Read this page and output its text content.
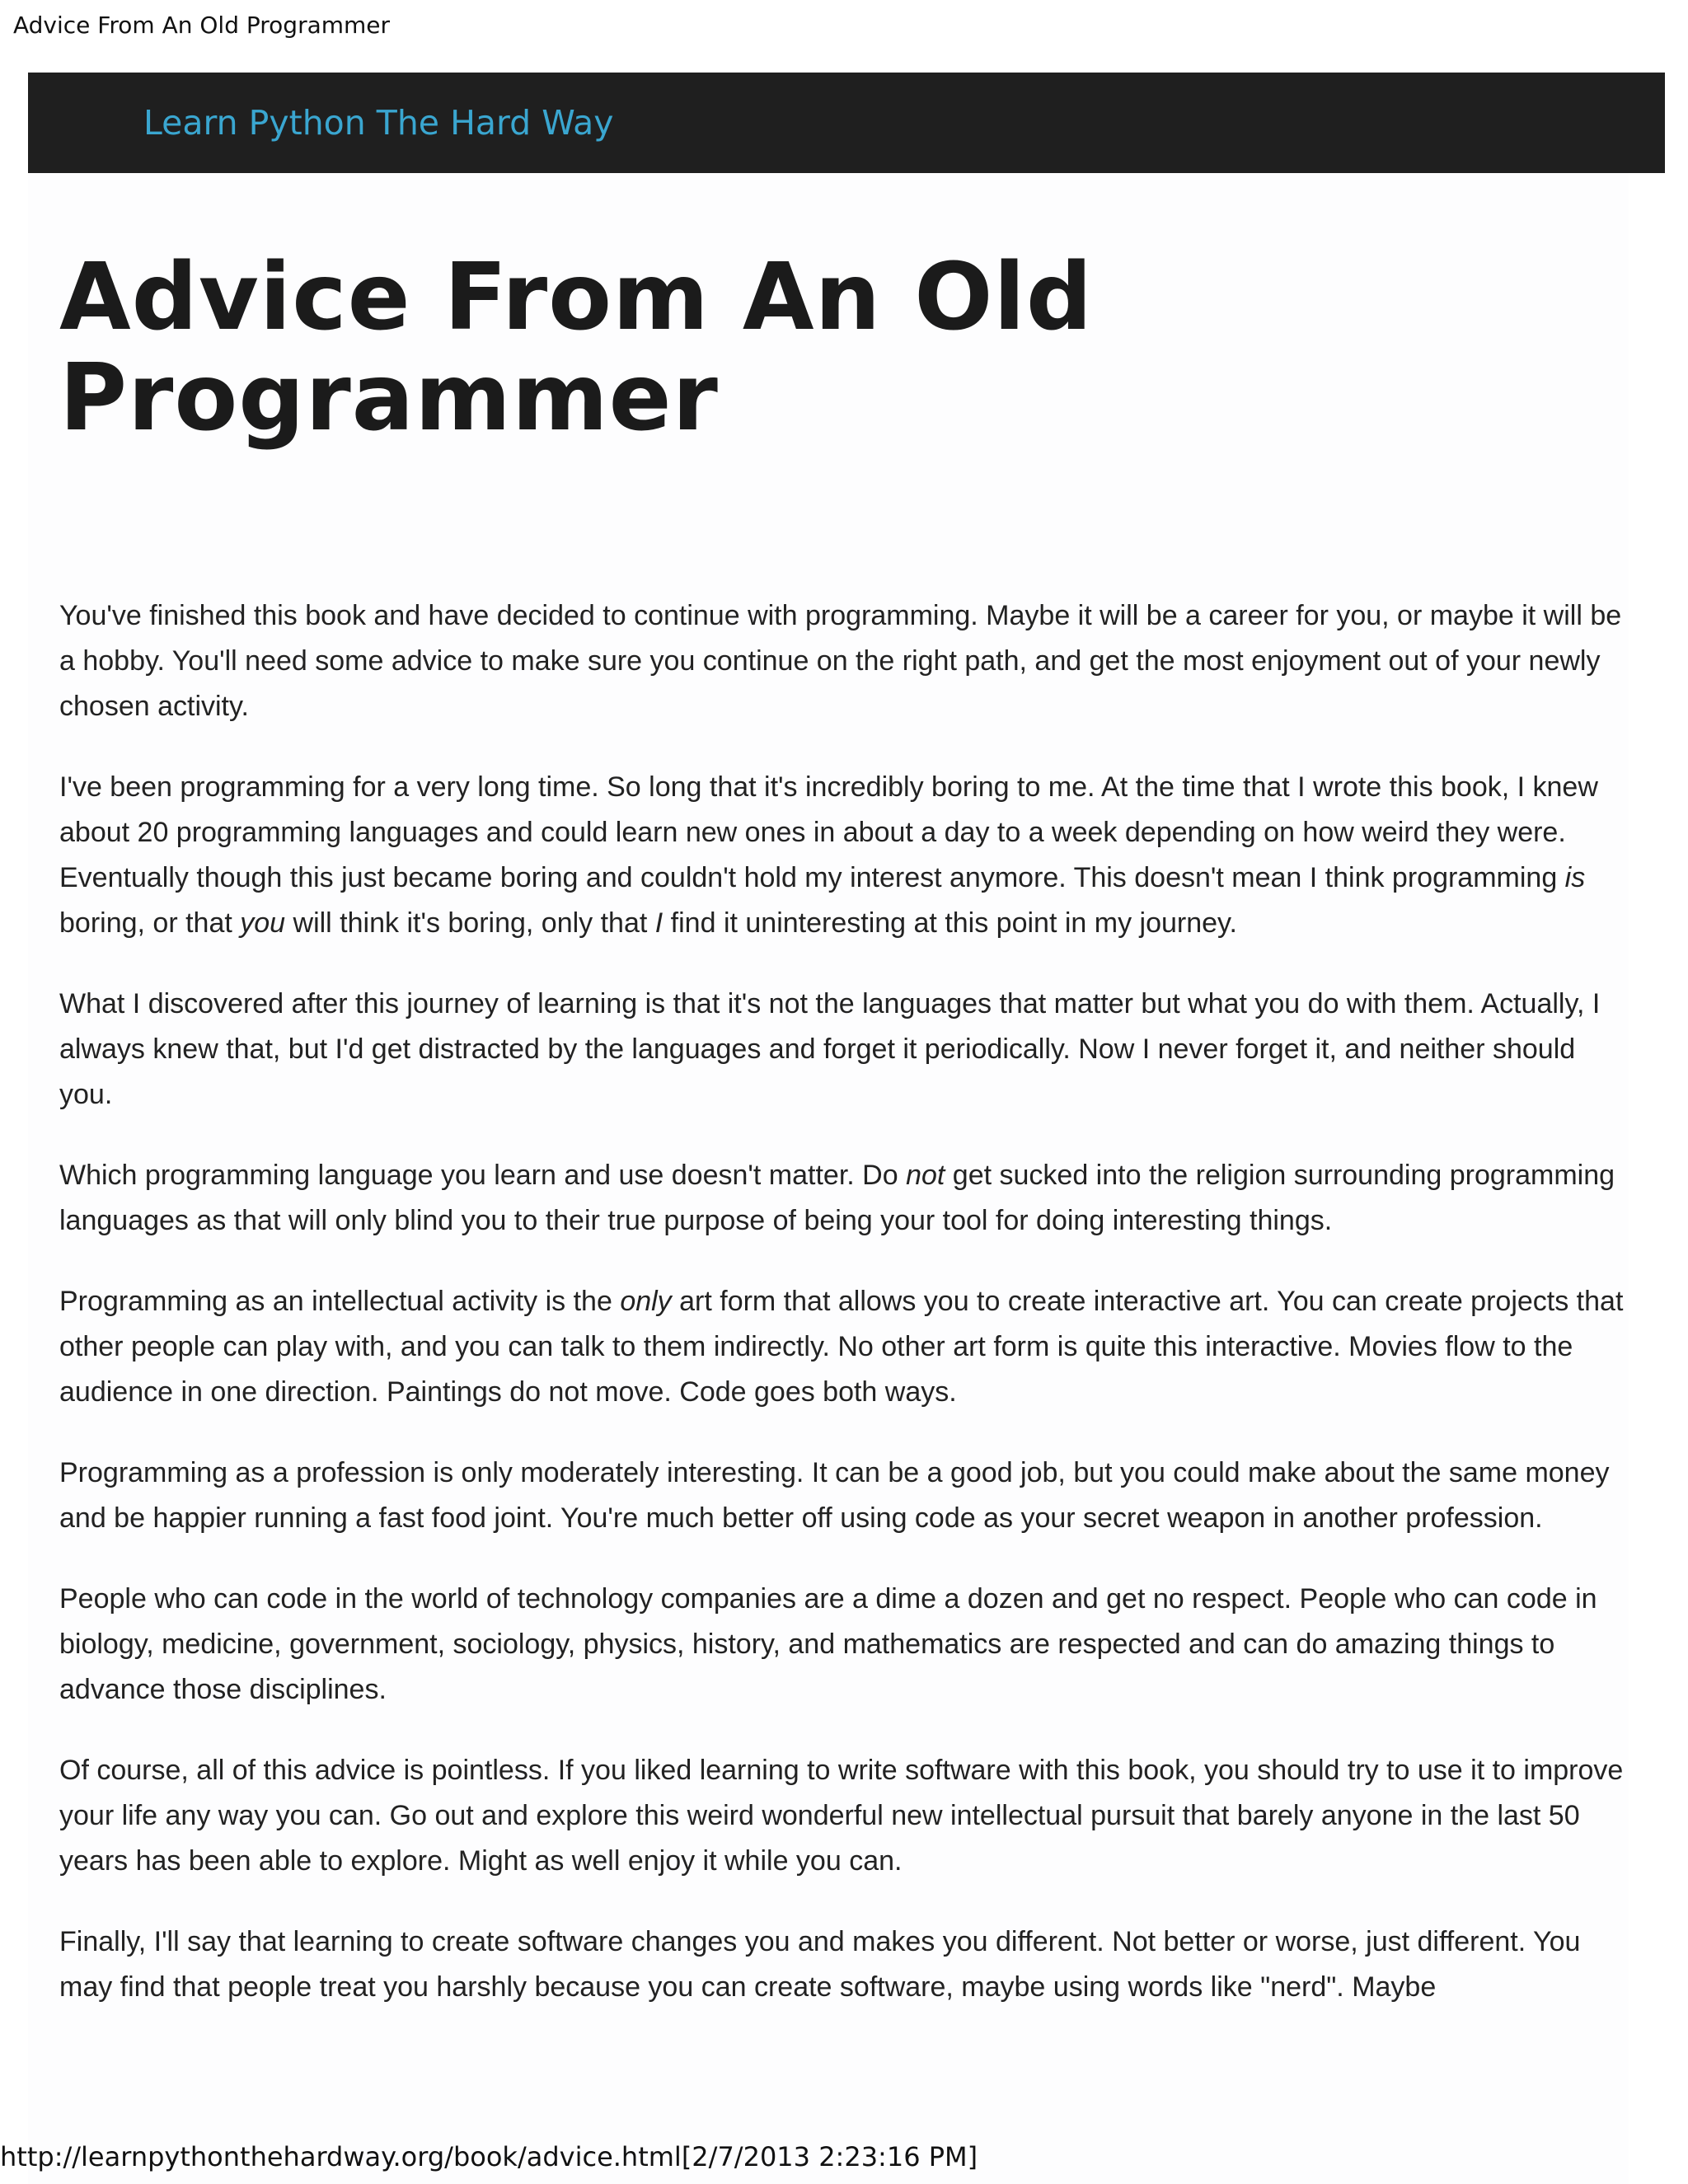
Advice From An Old Programmer
Learn Python The Hard Way
Advice From An Old Programmer

You've finished this book and have decided to continue with programming. Maybe it will be a career for you, or maybe it will be a hobby. You'll need some advice to make sure you continue on the right path, and get the most enjoyment out of your newly chosen activity.

I've been programming for a very long time. So long that it's incredibly boring to me. At the time that I wrote this book, I knew about 20 programming languages and could learn new ones in about a day to a week depending on how weird they were. Eventually though this just became boring and couldn't hold my interest anymore. This doesn't mean I think programming is boring, or that you will think it's boring, only that I find it uninteresting at this point in my journey.

What I discovered after this journey of learning is that it's not the languages that matter but what you do with them. Actually, I always knew that, but I'd get distracted by the languages and forget it periodically. Now I never forget it, and neither should you.

Which programming language you learn and use doesn't matter. Do not get sucked into the religion surrounding programming languages as that will only blind you to their true purpose of being your tool for doing interesting things.

Programming as an intellectual activity is the only art form that allows you to create interactive art. You can create projects that other people can play with, and you can talk to them indirectly. No other art form is quite this interactive. Movies flow to the audience in one direction. Paintings do not move. Code goes both ways.

Programming as a profession is only moderately interesting. It can be a good job, but you could make about the same money and be happier running a fast food joint. You're much better off using code as your secret weapon in another profession.

People who can code in the world of technology companies are a dime a dozen and get no respect. People who can code in biology, medicine, government, sociology, physics, history, and mathematics are respected and can do amazing things to advance those disciplines.

Of course, all of this advice is pointless. If you liked learning to write software with this book, you should try to use it to improve your life any way you can. Go out and explore this weird wonderful new intellectual pursuit that barely anyone in the last 50 years has been able to explore. Might as well enjoy it while you can.

Finally, I'll say that learning to create software changes you and makes you different. Not better or worse, just different. You may find that people treat you harshly because you can create software, maybe using words like "nerd". Maybe

http://learnpythonthehardway.org/book/advice.html[2/7/2013 2:23:16 PM]
